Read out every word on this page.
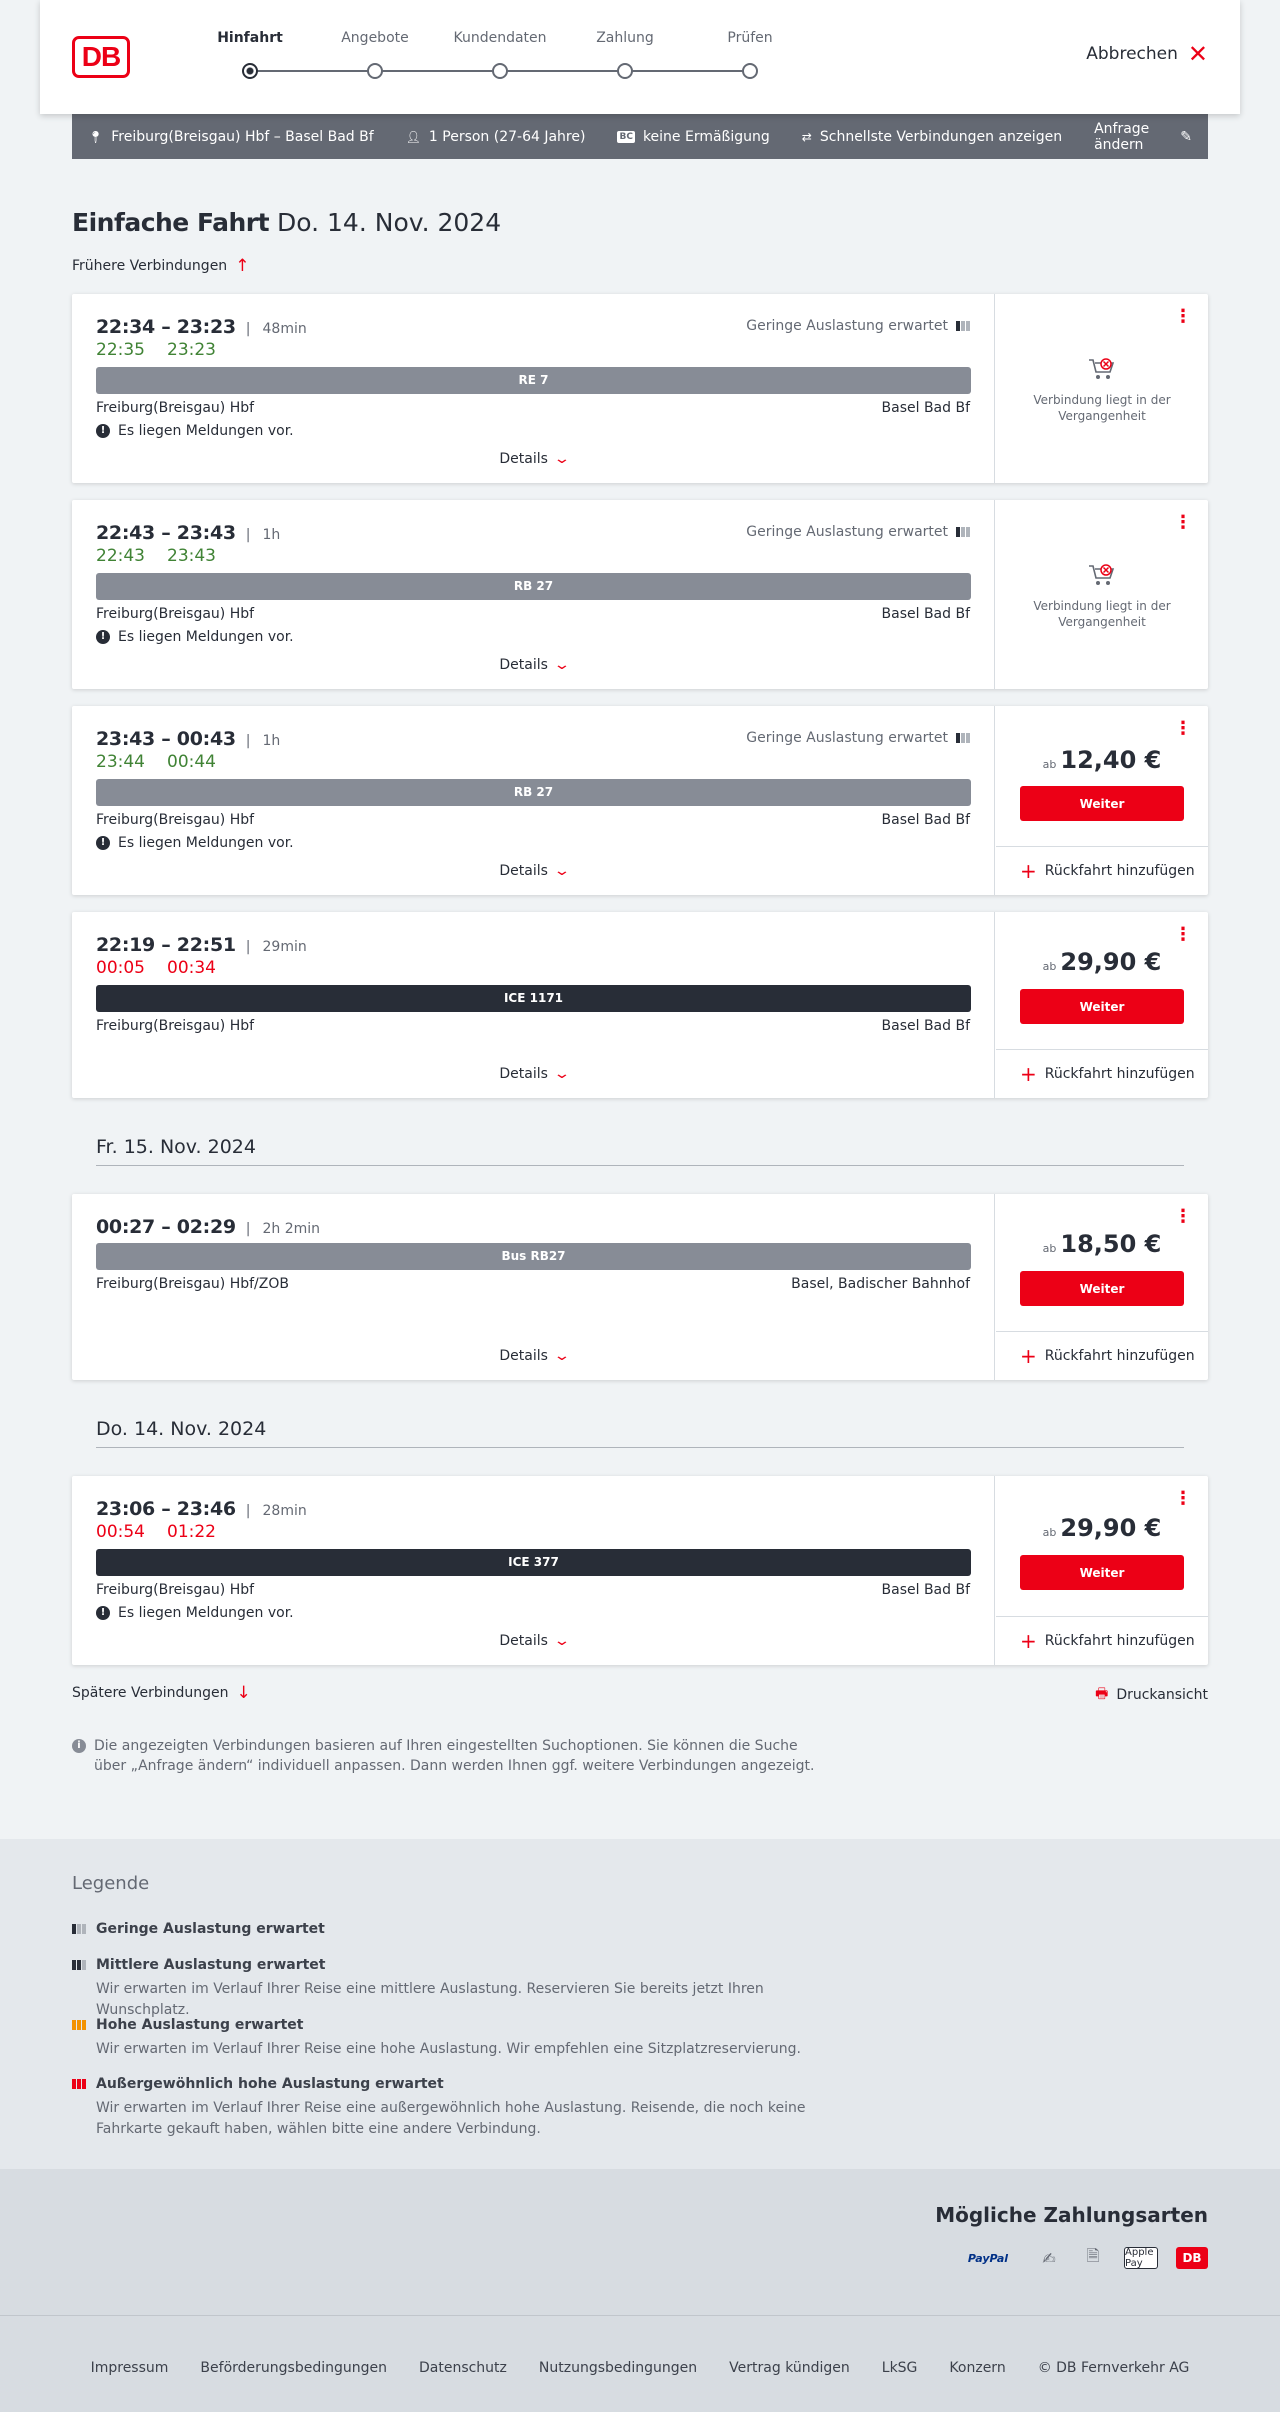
DB
Hinfahrt	Angebote	Kundendaten	Zahlung	Prüfen
Abbrechen ✕
📍︎ Freiburg(Breisgau) Hbf – Basel Bad Bf	👤︎ 1 Person (27-64 Jahre)	BC keine Ermäßigung	⇄ Schnellste Verbindungen anzeigen Anfrage ändern	✎
Einfache Fahrt Do. 14. Nov. 2024
Frühere Verbindungen ↑
22:34 – 23:23 | 48min
22:35 23:23
Geringe Auslastung erwartet
RE 7
Freiburg(Breisgau) Hbf	Basel Bad Bf
! Es liegen Meldungen vor.
Details ⌄
⋮
Verbindung liegt in der Vergangenheit
22:43 – 23:43 | 1h
22:43 23:43
Geringe Auslastung erwartet
RB 27
Freiburg(Breisgau) Hbf	Basel Bad Bf
! Es liegen Meldungen vor.
Details ⌄
⋮
Verbindung liegt in der Vergangenheit
23:43 – 00:43 | 1h
23:44 00:44
Geringe Auslastung erwartet
RB 27
Freiburg(Breisgau) Hbf	Basel Bad Bf
! Es liegen Meldungen vor.
Details ⌄
⋮
ab 12,40 €
Weiter
+ Rückfahrt hinzufügen
22:19 – 22:51 | 29min
00:05 00:34
ICE 1171
Freiburg(Breisgau) Hbf	Basel Bad Bf
Details ⌄
⋮
ab 29,90 €
Weiter
+ Rückfahrt hinzufügen
Fr. 15. Nov. 2024
00:27 – 02:29 | 2h 2min
Bus RB27
Freiburg(Breisgau) Hbf/ZOB	Basel, Badischer Bahnhof
Details ⌄
⋮
ab 18,50 €
Weiter
+ Rückfahrt hinzufügen
Do. 14. Nov. 2024
23:06 – 23:46 | 28min
00:54 01:22
ICE 377
Freiburg(Breisgau) Hbf	Basel Bad Bf
! Es liegen Meldungen vor.
Details ⌄
⋮
ab 29,90 €
Weiter
+ Rückfahrt hinzufügen
Spätere Verbindungen ↓	🖶︎ Druckansicht
i Die angezeigten Verbindungen basieren auf Ihren eingestellten Suchoptionen. Sie können die Suche über „Anfrage ändern“ individuell anpassen. Dann werden Ihnen ggf. weitere Verbindungen angezeigt.
Legende
Geringe Auslastung erwartet
Mittlere Auslastung erwartet
Wir erwarten im Verlauf Ihrer Reise eine mittlere Auslastung. Reservieren Sie bereits jetzt Ihren Wunschplatz.
Hohe Auslastung erwartet
Wir erwarten im Verlauf Ihrer Reise eine hohe Auslastung. Wir empfehlen eine Sitzplatzreservierung.
Außergewöhnlich hohe Auslastung erwartet
Wir erwarten im Verlauf Ihrer Reise eine außergewöhnlich hohe Auslastung. Reisende, die noch keine Fahrkarte gekauft haben, wählen bitte eine andere Verbindung.
Mögliche Zahlungsarten
PayPal	✍︎	🗎︎	Apple Pay	DB
Impressum Beförderungsbedingungen Datenschutz Nutzungsbedingungen Vertrag kündigen LkSG Konzern © DB Fernverkehr AG
